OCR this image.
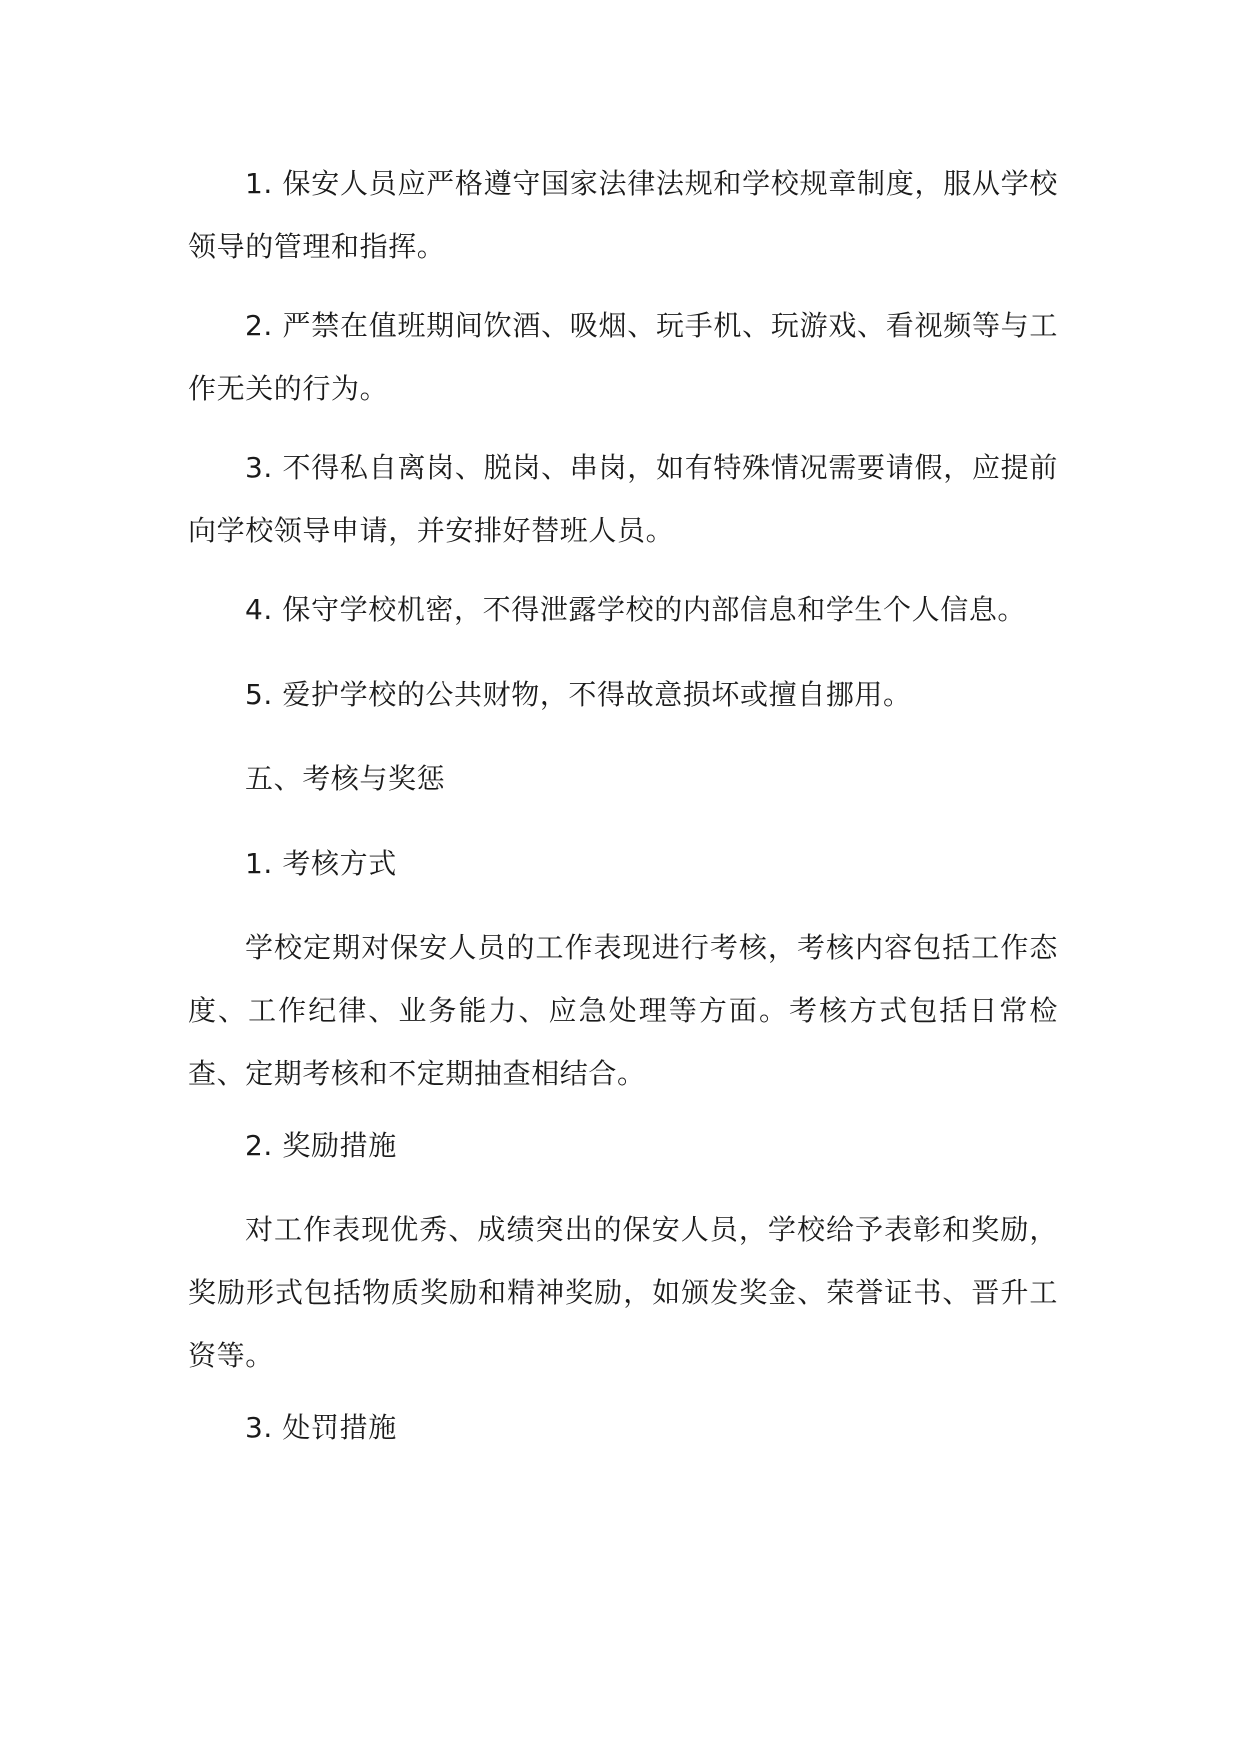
1. 保安人员应严格遵守国家法律法规和学校规章制度，服从学校领导的管理和指挥。

2. 严禁在值班期间饮酒、吸烟、玩手机、玩游戏、看视频等与工作无关的行为。

3. 不得私自离岗、脱岗、串岗，如有特殊情况需要请假，应提前向学校领导申请，并安排好替班人员。

4. 保守学校机密，不得泄露学校的内部信息和学生个人信息。

5. 爱护学校的公共财物，不得故意损坏或擅自挪用。

五、考核与奖惩

1. 考核方式

学校定期对保安人员的工作表现进行考核，考核内容包括工作态度、工作纪律、业务能力、应急处理等方面。考核方式包括日常检查、定期考核和不定期抽查相结合。

2. 奖励措施

对工作表现优秀、成绩突出的保安人员，学校给予表彰和奖励，奖励形式包括物质奖励和精神奖励，如颁发奖金、荣誉证书、晋升工资等。

3. 处罚措施
